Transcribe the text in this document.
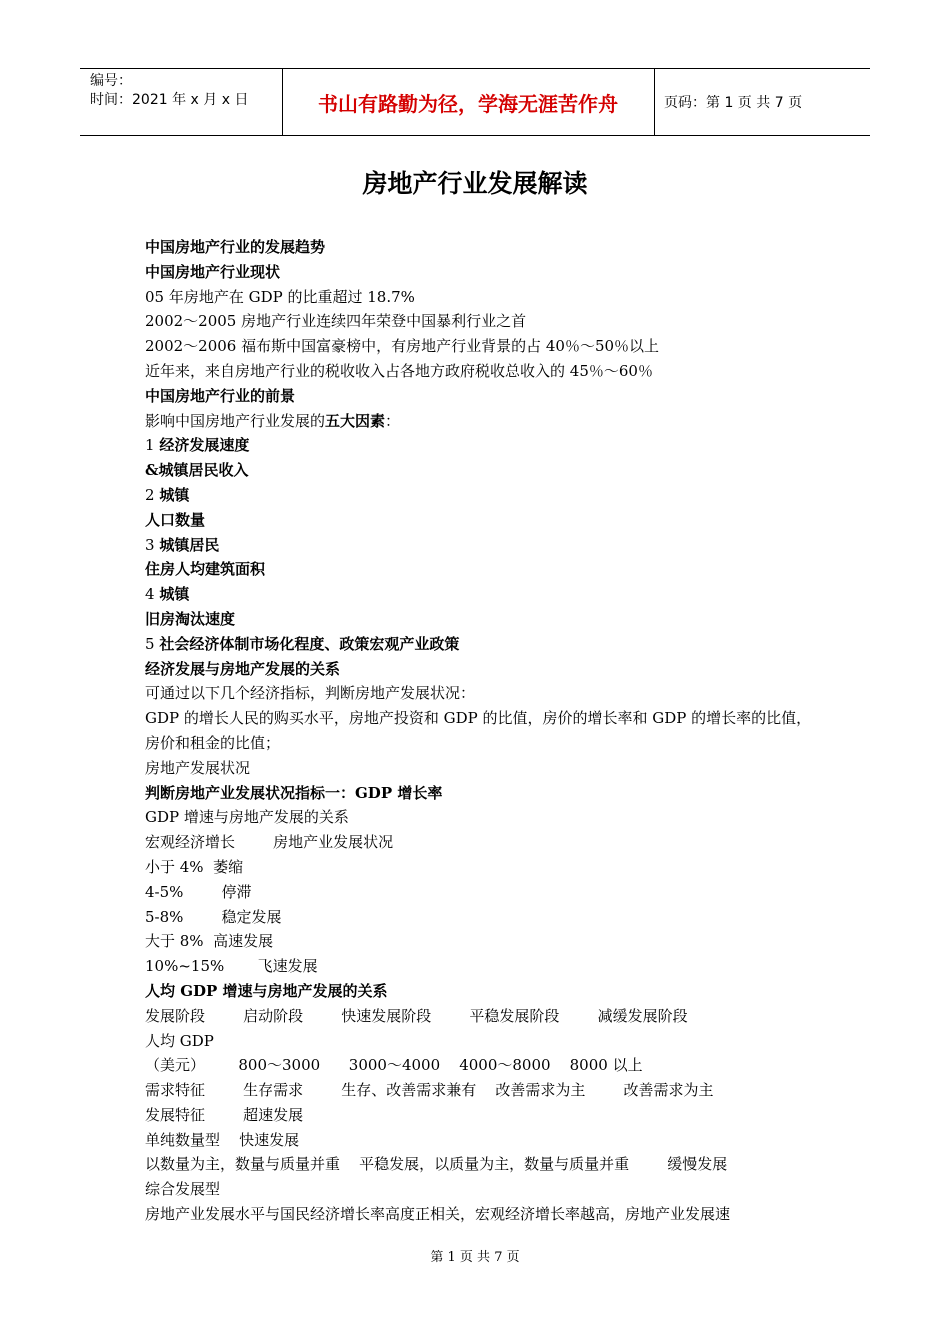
编号：
时间：2021 年 x 月 x 日	书山有路勤为径，学海无涯苦作舟	页码：第 1 页 共 7 页
房地产行业发展解读
中国房地产行业的发展趋势
中国房地产行业现状
05 年房地产在 GDP 的比重超过 18.7%
2002～2005 房地产行业连续四年荣登中国暴利行业之首
2002～2006 福布斯中国富豪榜中，有房地产行业背景的占 40％～50％以上
近年来，来自房地产行业的税收收入占各地方政府税收总收入的 45％～60％
中国房地产行业的前景
影响中国房地产行业发展的五大因素：
1 经济发展速度
&城镇居民收入
2 城镇
人口数量
3 城镇居民
住房人均建筑面积
4 城镇
旧房淘汰速度
5 社会经济体制市场化程度、政策宏观产业政策
经济发展与房地产发展的关系
可通过以下几个经济指标，判断房地产发展状况：
GDP 的增长人民的购买水平，房地产投资和 GDP 的比值，房价的增长率和 GDP 的增长率的比值，房价和租金的比值；
房地产发展状况
判断房地产业发展状况指标一：GDP 增长率
GDP 增速与房地产发展的关系
宏观经济增长        房地产业发展状况
小于 4%  萎缩
4-5%        停滞
5-8%        稳定发展
大于 8%  高速发展
10%~15%       飞速发展
人均 GDP 增速与房地产发展的关系
发展阶段        启动阶段        快速发展阶段        平稳发展阶段        减缓发展阶段
人均 GDP
（美元）       800～3000      3000～4000    4000～8000    8000 以上
需求特征        生存需求        生存、改善需求兼有    改善需求为主        改善需求为主
发展特征        超速发展
单纯数量型    快速发展
以数量为主，数量与质量并重    平稳发展，以质量为主，数量与质量并重        缓慢发展
综合发展型
房地产业发展水平与国民经济增长率高度正相关，宏观经济增长率越高，房地产业发展速
第 1 页 共 7 页
